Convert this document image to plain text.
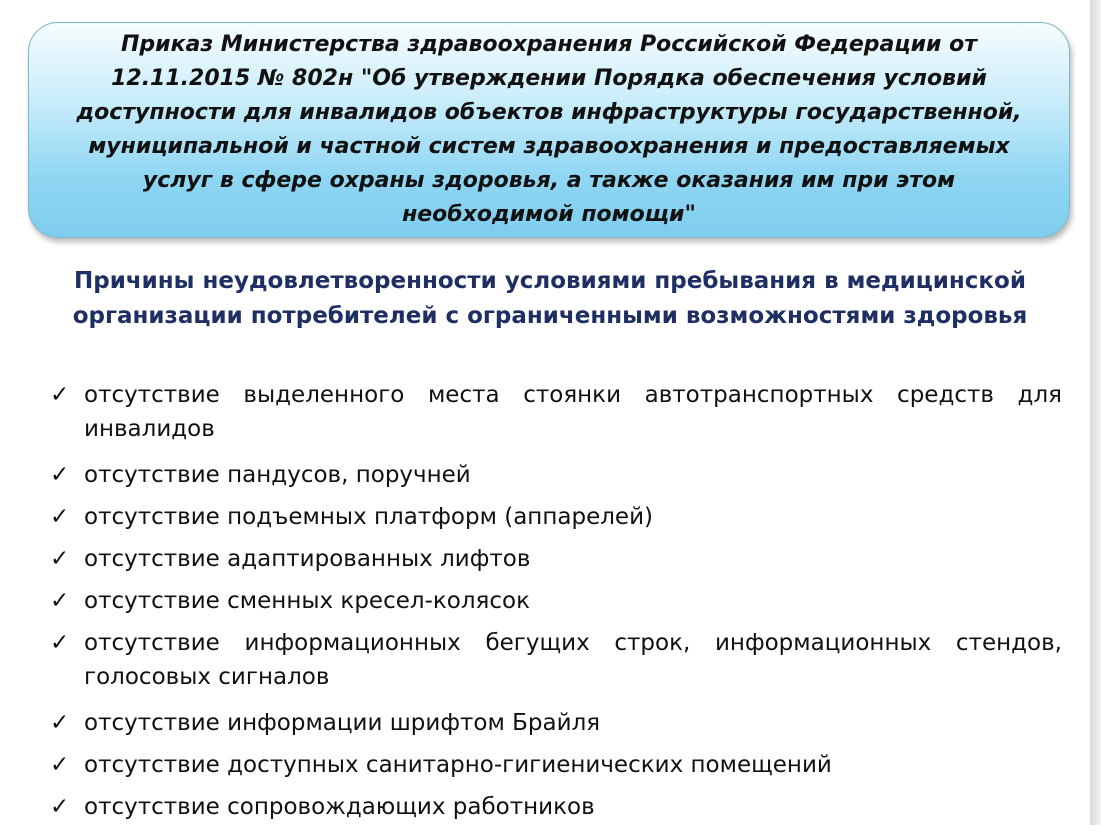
Приказ Министерства здравоохранения Российской Федерации от 12.11.2015 № 802н "Об утверждении Порядка обеспечения условий доступности для инвалидов объектов инфраструктуры государственной, муниципальной и частной систем здравоохранения и предоставляемых услуг в сфере охраны здоровья, а также оказания им при этом необходимой помощи"

Причины неудовлетворенности условиями пребывания в медицинской организации потребителей с ограниченными возможностями здоровья

✓ отсутствие выделенного места стоянки автотранспортных средств для инвалидов
✓ отсутствие пандусов, поручней
✓ отсутствие подъемных платформ (аппарелей)
✓ отсутствие адаптированных лифтов
✓ отсутствие сменных кресел-колясок
✓ отсутствие информационных бегущих строк, информационных стендов, голосовых сигналов
✓ отсутствие информации шрифтом Брайля
✓ отсутствие доступных санитарно-гигиенических помещений
✓ отсутствие сопровождающих работников
